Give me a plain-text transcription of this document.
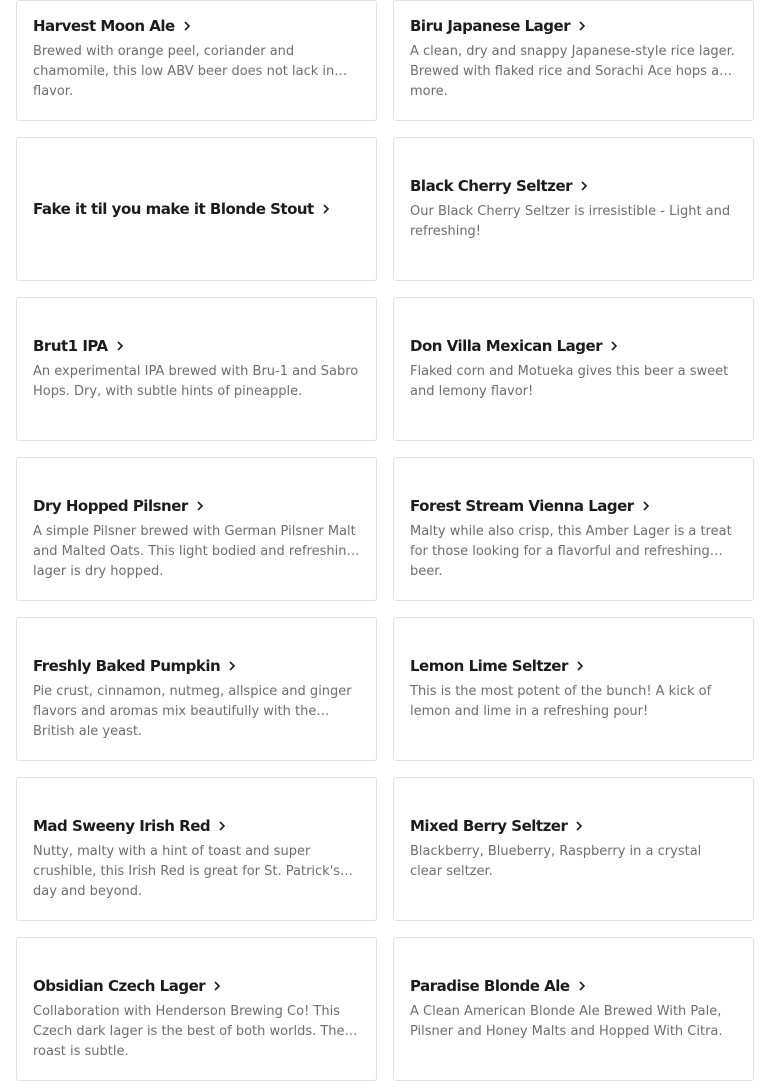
Harvest Moon Ale
Brewed with orange peel, coriander and chamomile, this low ABV beer does not lack in flavor.
Biru Japanese Lager
A clean, dry and snappy Japanese-style rice lager. Brewed with flaked rice and Sorachi Ace hops and more.
Fake it til you make it Blonde Stout
Black Cherry Seltzer
Our Black Cherry Seltzer is irresistible - Light and refreshing!
Brut1 IPA
An experimental IPA brewed with Bru-1 and Sabro Hops. Dry, with subtle hints of pineapple.
Don Villa Mexican Lager
Flaked corn and Motueka gives this beer a sweet and lemony flavor!
Dry Hopped Pilsner
A simple Pilsner brewed with German Pilsner Malt and Malted Oats. This light bodied and refreshing lager is dry hopped.
Forest Stream Vienna Lager
Malty while also crisp, this Amber Lager is a treat for those looking for a flavorful and refreshing beer.
Freshly Baked Pumpkin
Pie crust, cinnamon, nutmeg, allspice and ginger flavors and aromas mix beautifully with the British ale yeast.
Lemon Lime Seltzer
This is the most potent of the bunch! A kick of lemon and lime in a refreshing pour!
Mad Sweeny Irish Red
Nutty, malty with a hint of toast and super crushible, this Irish Red is great for St. Patrick's day and beyond.
Mixed Berry Seltzer
Blackberry, Blueberry, Raspberry in a crystal clear seltzer.
Obsidian Czech Lager
Collaboration with Henderson Brewing Co! This Czech dark lager is the best of both worlds. The roast is subtle.
Paradise Blonde Ale
A Clean American Blonde Ale Brewed With Pale, Pilsner and Honey Malts and Hopped With Citra.
